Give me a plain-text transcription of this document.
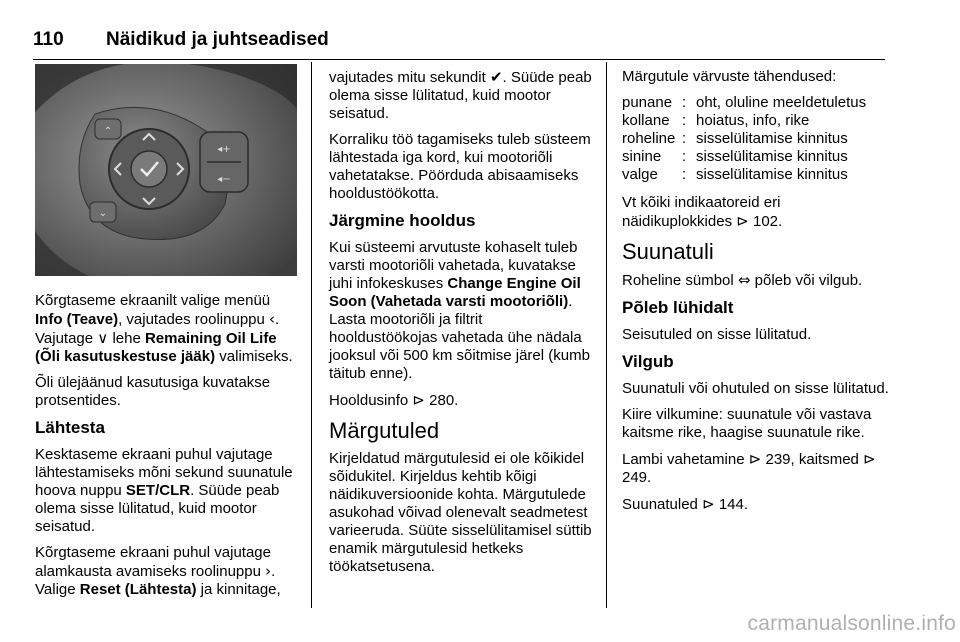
110 Näidikud ja juhtseadised
⌃
⌄
◂+
◂−

Kõrgtaseme ekraanilt valige menüü Info (Teave), vajutades roolinuppu ‹. Vajutage ∨ lehe Remaining Oil Life (Õli kasutuskestuse jääk) valimiseks.

Õli ülejäänud kasutusiga kuvatakse protsentides.

Lähtesta

Kesktaseme ekraani puhul vajutage lähtestamiseks mõni sekund suunatule hoova nuppu SET/CLR. Süüde peab olema sisse lülitatud, kuid mootor seisatud.

Kõrgtaseme ekraani puhul vajutage alamkausta avamiseks roolinuppu ›. Valige Reset (Lähtesta) ja kinnitage,

vajutades mitu sekundit ✔. Süüde peab olema sisse lülitatud, kuid mootor seisatud.

Korraliku töö tagamiseks tuleb süsteem lähtestada iga kord, kui mootoriõli vahetatakse. Pöörduda abisaamiseks hooldustöökotta.

Järgmine hooldus

Kui süsteemi arvutuste kohaselt tuleb varsti mootoriõli vahetada, kuvatakse juhi infokeskuses Change Engine Oil Soon (Vahetada varsti mootoriõli). Lasta mootoriõli ja filtrit hooldustöökojas vahetada ühe nädala jooksul või 500 km sõitmise järel (kumb täitub enne).

Hooldusinfo ⊳ 280.

Märgutuled

Kirjeldatud märgutulesid ei ole kõikidel sõidukitel. Kirjeldus kehtib kõigi näidikuversioonide kohta. Märgutulede asukohad võivad olenevalt seadmetest varieeruda. Süüte sisselülitamisel süttib enamik märgutulesid hetkeks töökatsetusena.

Märgutule värvuste tähendused:

punane	:	oht, oluline meeldetuletus
kollane	:	hoiatus, info, rike
roheline	:	sisselülitamise kinnitus
sinine	:	sisselülitamise kinnitus
valge	:	sisselülitamise kinnitus

Vt kõiki indikaatoreid eri näidikuplokkides ⊳ 102.

Suunatuli

Roheline sümbol ⇔ põleb või vilgub.

Põleb lühidalt

Seisutuled on sisse lülitatud.

Vilgub

Suunatuli või ohutuled on sisse lülitatud.

Kiire vilkumine: suunatule või vastava kaitsme rike, haagise suunatule rike.

Lambi vahetamine ⊳ 239, kaitsmed ⊳ 249.

Suunatuled ⊳ 144.

carmanualsonline.info
